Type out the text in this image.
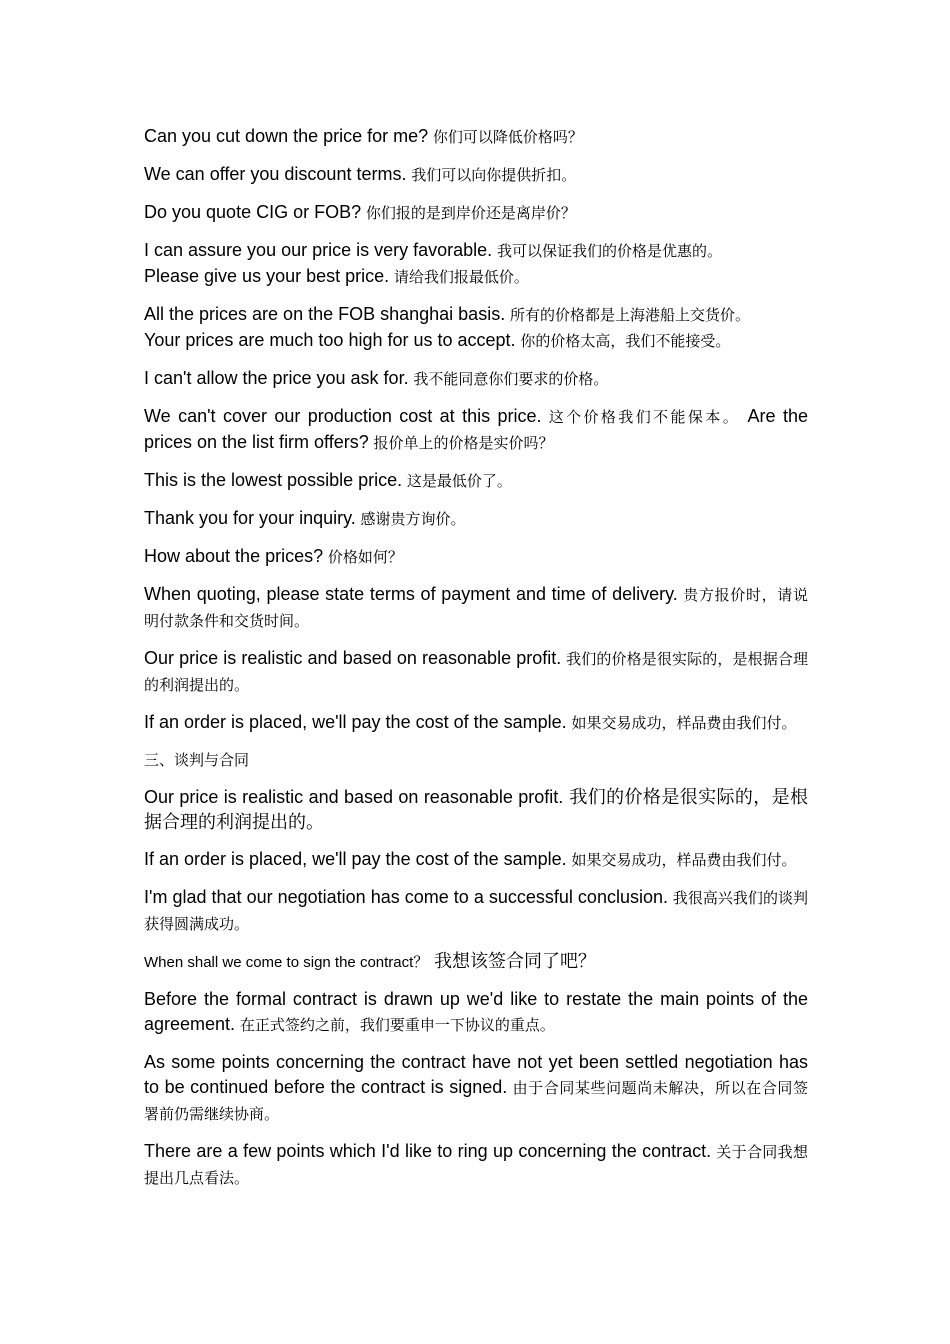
Can you cut down the price for me? 你们可以降低价格吗？

We can offer you discount terms. 我们可以向你提供折扣。

Do you quote CIG or FOB? 你们报的是到岸价还是离岸价？

I can assure you our price is very favorable. 我可以保证我们的价格是优惠的。
Please give us your best price. 请给我们报最低价。

All the prices are on the FOB shanghai basis. 所有的价格都是上海港船上交货价。
Your prices are much too high for us to accept. 你的价格太高，我们不能接受。

I can't allow the price you ask for. 我不能同意你们要求的价格。

We can't cover our production cost at this price. 这个价格我们不能保本。 Are the prices on the list firm offers? 报价单上的价格是实价吗？

This is the lowest possible price. 这是最低价了。

Thank you for your inquiry. 感谢贵方询价。

How about the prices? 价格如何？

When quoting, please state terms of payment and time of delivery. 贵方报价时，请说明付款条件和交货时间。

Our price is realistic and based on reasonable profit. 我们的价格是很实际的，是根据合理的利润提出的。

If an order is placed, we'll pay the cost of the sample. 如果交易成功，样品费由我们付。

三、谈判与合同

Our price is realistic and based on reasonable profit. 我们的价格是很实际的，是根据合理的利润提出的。

If an order is placed, we'll pay the cost of the sample. 如果交易成功，样品费由我们付。

I'm glad that our negotiation has come to a successful conclusion. 我很高兴我们的谈判获得圆满成功。

When shall we come to sign the contract？ 我想该签合同了吧？

Before the formal contract is drawn up we'd like to restate the main points of the agreement. 在正式签约之前，我们要重申一下协议的重点。

As some points concerning the contract have not yet been settled negotiation has to be continued before the contract is signed. 由于合同某些问题尚未解决，所以在合同签署前仍需继续协商。

There are a few points which I'd like to ring up concerning the contract. 关于合同我想提出几点看法。
